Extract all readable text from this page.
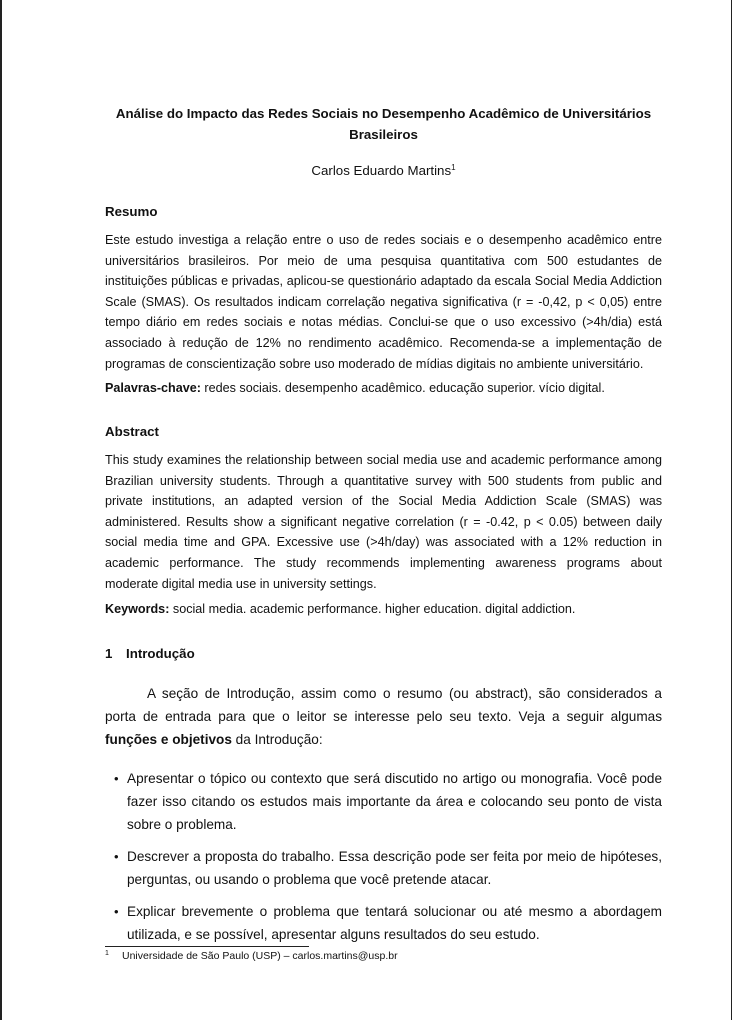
Análise do Impacto das Redes Sociais no Desempenho Acadêmico de Universitários Brasileiros

Carlos Eduardo Martins$^1$

Resumo

Este estudo investiga a relação entre o uso de redes sociais e o desempenho acadêmico entre universitários brasileiros. Por meio de uma pesquisa quantitativa com 500 estudantes de instituições públicas e privadas, aplicou-se questionário adaptado da escala Social Media Addiction Scale (SMAS). Os resultados indicam correlação negativa significativa (r = -0,42, p < 0,05) entre tempo diário em redes sociais e notas médias. Conclui-se que o uso excessivo (>4h/dia) está associado à redução de 12% no rendimento acadêmico. Recomenda-se a implementação de programas de conscientização sobre uso moderado de mídias digitais no ambiente universitário.

Palavras-chave: redes sociais. desempenho acadêmico. educação superior. vício digital.

Abstract

This study examines the relationship between social media use and academic performance among Brazilian university students. Through a quantitative survey with 500 students from public and private institutions, an adapted version of the Social Media Addiction Scale (SMAS) was administered. Results show a significant negative correlation (r = -0.42, p < 0.05) between daily social media time and GPA. Excessive use (>4h/day) was associated with a 12% reduction in academic performance. The study recommends implementing awareness programs about moderate digital media use in university settings.

Keywords: social media. academic performance. higher education. digital addiction.

1 Introdução

A seção de Introdução, assim como o resumo (ou abstract), são considerados a porta de entrada para que o leitor se interesse pelo seu texto. Veja a seguir algumas funções e objetivos da Introdução:

• Apresentar o tópico ou contexto que será discutido no artigo ou monografia. Você pode fazer isso citando os estudos mais importante da área e colocando seu ponto de vista sobre o problema.
• Descrever a proposta do trabalho. Essa descrição pode ser feita por meio de hipóteses, perguntas, ou usando o problema que você pretende atacar.
• Explicar brevemente o problema que tentará solucionar ou até mesmo a abordagem utilizada, e se possível, apresentar alguns resultados do seu estudo.

1 Universidade de São Paulo (USP) – carlos.martins@usp.br
